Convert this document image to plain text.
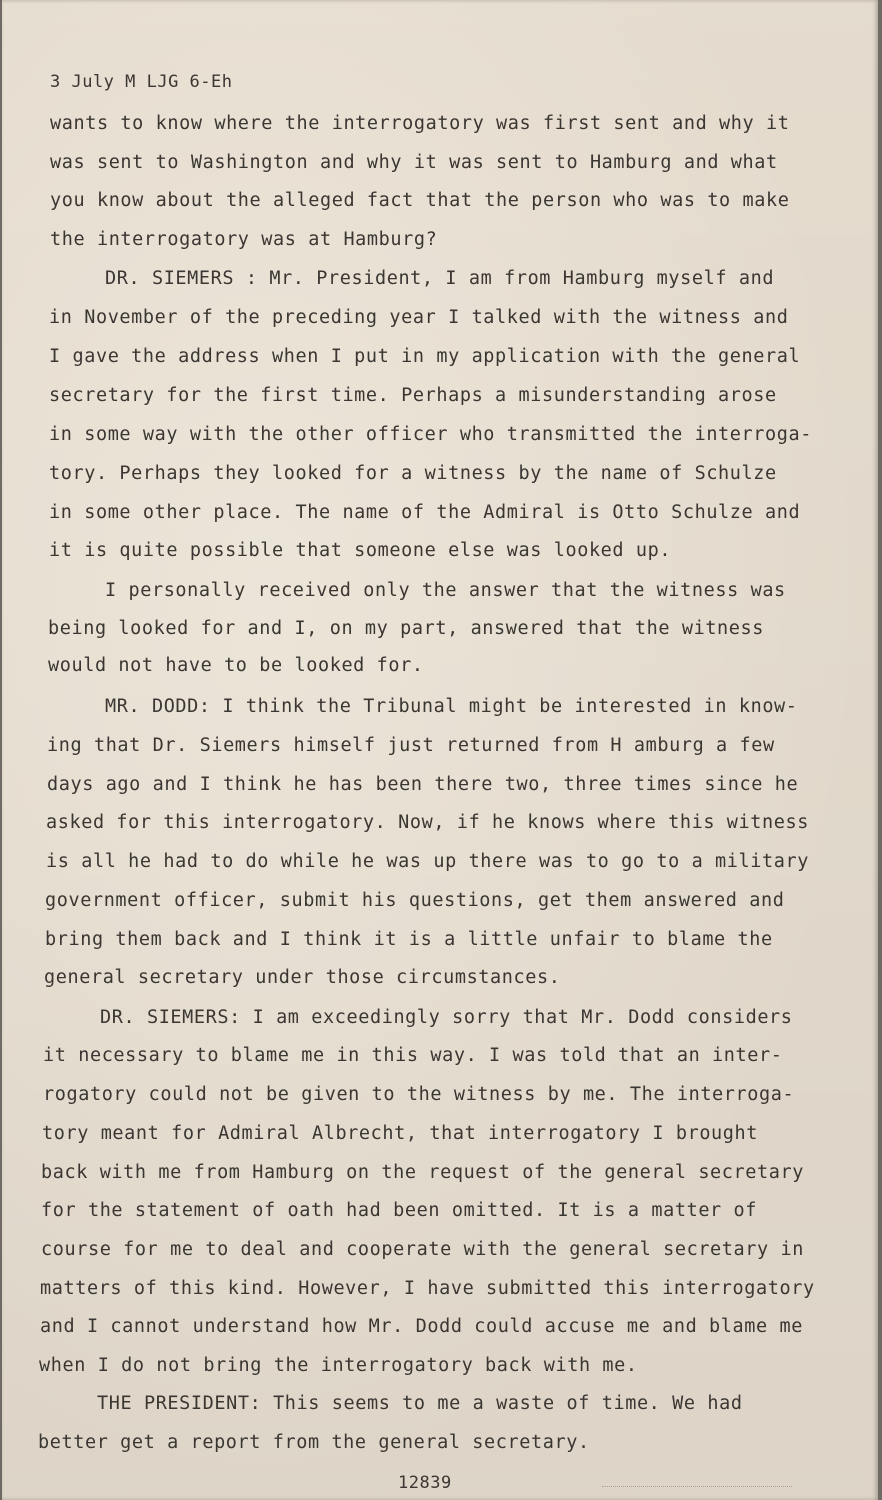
3 July M LJG 6-Eh
wants to know where the interrogatory was first sent and why it
was sent to Washington and why it was sent to Hamburg and what
you know about the alleged fact that the person who was to make
the interrogatory was at Hamburg?
DR. SIEMERS : Mr. President, I am from Hamburg myself and
in November of the preceding year I talked with the witness and
I gave the address when I put in my application with the general
secretary for the first time. Perhaps a misunderstanding arose
in some way with the other officer who transmitted the interroga-
tory. Perhaps they looked for a witness by the name of Schulze
in some other place. The name of the Admiral is Otto Schulze and
it is quite possible that someone else was looked up.
I personally received only the answer that the witness was
being looked for and I, on my part, answered that the witness
would not have to be looked for.
MR. DODD: I think the Tribunal might be interested in know-
ing that Dr. Siemers himself just returned from H amburg a few
days ago and I think he has been there two, three times since he
asked for this interrogatory. Now, if he knows where this witness
is all he had to do while he was up there was to go to a military
government officer, submit his questions, get them answered and
bring them back and I think it is a little unfair to blame the
general secretary under those circumstances.
DR. SIEMERS: I am exceedingly sorry that Mr. Dodd considers
it necessary to blame me in this way. I was told that an inter-
rogatory could not be given to the witness by me. The interroga-
tory meant for Admiral Albrecht, that interrogatory I brought
back with me from Hamburg on the request of the general secretary
for the statement of oath had been omitted. It is a matter of
course for me to deal and cooperate with the general secretary in
matters of this kind. However, I have submitted this interrogatory
and I cannot understand how Mr. Dodd could accuse me and blame me
when I do not bring the interrogatory back with me.
THE PRESIDENT: This seems to me a waste of time. We had
better get a report from the general secretary.
12839
